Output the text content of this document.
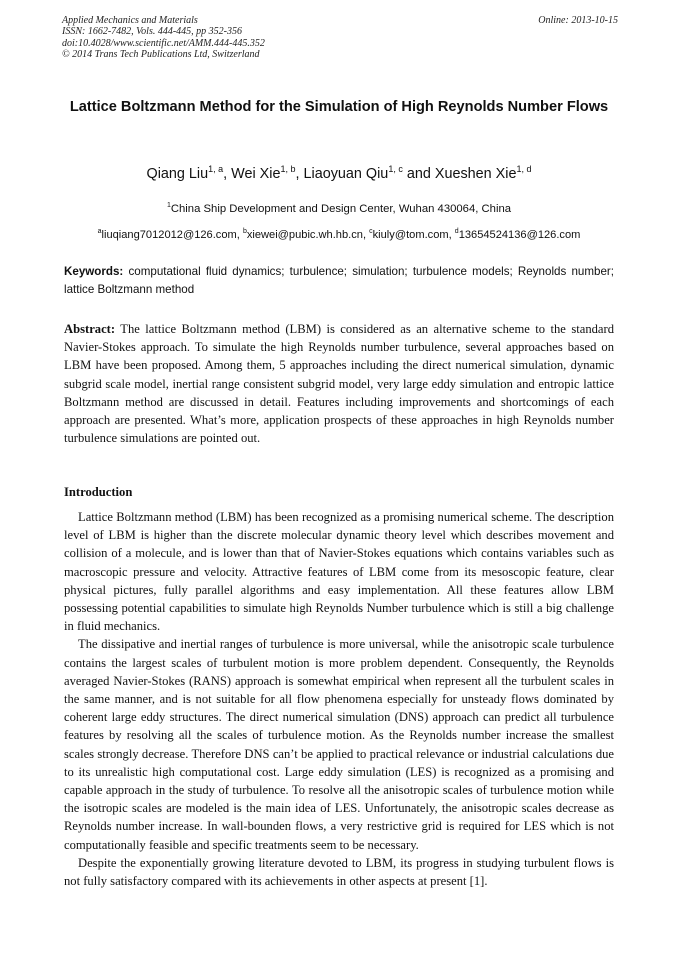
Applied Mechanics and Materials
ISSN: 1662-7482, Vols. 444-445, pp 352-356
doi:10.4028/www.scientific.net/AMM.444-445.352
© 2014 Trans Tech Publications Ltd, Switzerland
Online: 2013-10-15
Lattice Boltzmann Method for the Simulation of High Reynolds Number Flows
Qiang Liu$^{1, a}$, Wei Xie$^{1, b}$, Liaoyuan Qiu$^{1, c}$ and Xueshen Xie$^{1, d}$
$^1$China Ship Development and Design Center, Wuhan 430064, China
$^a$liuqiang7012012@126.com, $^b$xiewei@pubic.wh.hb.cn, $^c$kiuly@tom.com, $^d$13654524136@126.com
Keywords: computational fluid dynamics; turbulence; simulation; turbulence models; Reynolds number; lattice Boltzmann method
Abstract: The lattice Boltzmann method (LBM) is considered as an alternative scheme to the standard Navier-Stokes approach. To simulate the high Reynolds number turbulence, several approaches based on LBM have been proposed. Among them, 5 approaches including the direct numerical simulation, dynamic subgrid scale model, inertial range consistent subgrid model, very large eddy simulation and entropic lattice Boltzmann method are discussed in detail. Features including improvements and shortcomings of each approach are presented. What’s more, application prospects of these approaches in high Reynolds number turbulence simulations are pointed out.
Introduction

Lattice Boltzmann method (LBM) has been recognized as a promising numerical scheme. The description level of LBM is higher than the discrete molecular dynamic theory level which describes movement and collision of a molecule, and is lower than that of Navier-Stokes equations which contains variables such as macroscopic pressure and velocity. Attractive features of LBM come from its mesoscopic feature, clear physical pictures, fully parallel algorithms and easy implementation. All these features allow LBM possessing potential capabilities to simulate high Reynolds Number turbulence which is still a big challenge in fluid mechanics.

The dissipative and inertial ranges of turbulence is more universal, while the anisotropic scale turbulence contains the largest scales of turbulent motion is more problem dependent. Consequently, the Reynolds averaged Navier-Stokes (RANS) approach is somewhat empirical when represent all the turbulent scales in the same manner, and is not suitable for all flow phenomena especially for unsteady flows dominated by coherent large eddy structures. The direct numerical simulation (DNS) approach can predict all turbulence features by resolving all the scales of turbulence motion. As the Reynolds number increase the smallest scales strongly decrease. Therefore DNS can’t be applied to practical relevance or industrial calculations due to its unrealistic high computational cost. Large eddy simulation (LES) is recognized as a promising and capable approach in the study of turbulence. To resolve all the anisotropic scales of turbulence motion while the isotropic scales are modeled is the main idea of LES. Unfortunately, the anisotropic scales decrease as Reynolds number increase. In wall-bounden flows, a very restrictive grid is required for LES which is not computationally feasible and specific treatments seem to be necessary.

Despite the exponentially growing literature devoted to LBM, its progress in studying turbulent flows is not fully satisfactory compared with its achievements in other aspects at present [1].
